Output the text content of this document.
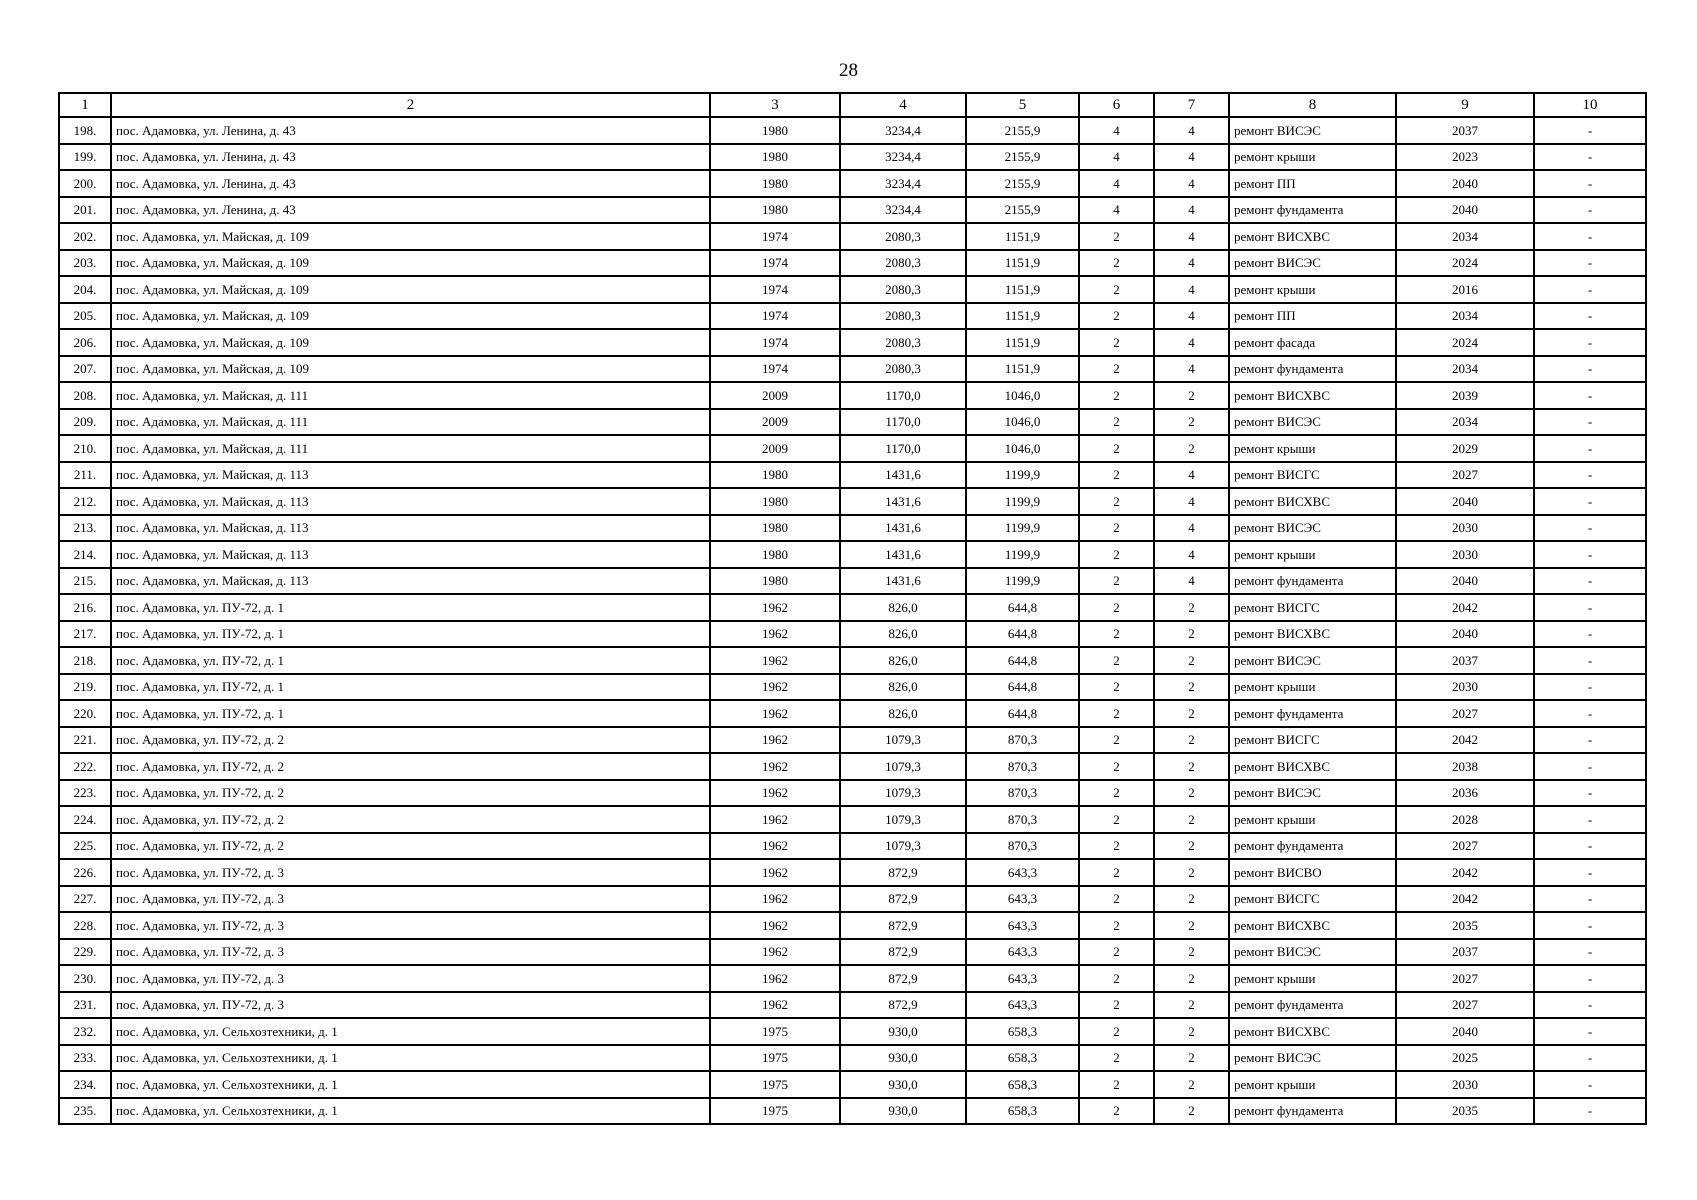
28
1	2	3	4	5	6	7	8	9	10
198.	пос. Адамовка, ул. Ленина, д. 43	1980	3234,4	2155,9	4	4	ремонт ВИСЭС	2037	-
199.	пос. Адамовка, ул. Ленина, д. 43	1980	3234,4	2155,9	4	4	ремонт крыши	2023	-
200.	пос. Адамовка, ул. Ленина, д. 43	1980	3234,4	2155,9	4	4	ремонт ПП	2040	-
201.	пос. Адамовка, ул. Ленина, д. 43	1980	3234,4	2155,9	4	4	ремонт фундамента	2040	-
202.	пос. Адамовка, ул. Майская, д. 109	1974	2080,3	1151,9	2	4	ремонт ВИСХВС	2034	-
203.	пос. Адамовка, ул. Майская, д. 109	1974	2080,3	1151,9	2	4	ремонт ВИСЭС	2024	-
204.	пос. Адамовка, ул. Майская, д. 109	1974	2080,3	1151,9	2	4	ремонт крыши	2016	-
205.	пос. Адамовка, ул. Майская, д. 109	1974	2080,3	1151,9	2	4	ремонт ПП	2034	-
206.	пос. Адамовка, ул. Майская, д. 109	1974	2080,3	1151,9	2	4	ремонт фасада	2024	-
207.	пос. Адамовка, ул. Майская, д. 109	1974	2080,3	1151,9	2	4	ремонт фундамента	2034	-
208.	пос. Адамовка, ул. Майская, д. 111	2009	1170,0	1046,0	2	2	ремонт ВИСХВС	2039	-
209.	пос. Адамовка, ул. Майская, д. 111	2009	1170,0	1046,0	2	2	ремонт ВИСЭС	2034	-
210.	пос. Адамовка, ул. Майская, д. 111	2009	1170,0	1046,0	2	2	ремонт крыши	2029	-
211.	пос. Адамовка, ул. Майская, д. 113	1980	1431,6	1199,9	2	4	ремонт ВИСГС	2027	-
212.	пос. Адамовка, ул. Майская, д. 113	1980	1431,6	1199,9	2	4	ремонт ВИСХВС	2040	-
213.	пос. Адамовка, ул. Майская, д. 113	1980	1431,6	1199,9	2	4	ремонт ВИСЭС	2030	-
214.	пос. Адамовка, ул. Майская, д. 113	1980	1431,6	1199,9	2	4	ремонт крыши	2030	-
215.	пос. Адамовка, ул. Майская, д. 113	1980	1431,6	1199,9	2	4	ремонт фундамента	2040	-
216.	пос. Адамовка, ул. ПУ-72, д. 1	1962	826,0	644,8	2	2	ремонт ВИСГС	2042	-
217.	пос. Адамовка, ул. ПУ-72, д. 1	1962	826,0	644,8	2	2	ремонт ВИСХВС	2040	-
218.	пос. Адамовка, ул. ПУ-72, д. 1	1962	826,0	644,8	2	2	ремонт ВИСЭС	2037	-
219.	пос. Адамовка, ул. ПУ-72, д. 1	1962	826,0	644,8	2	2	ремонт крыши	2030	-
220.	пос. Адамовка, ул. ПУ-72, д. 1	1962	826,0	644,8	2	2	ремонт фундамента	2027	-
221.	пос. Адамовка, ул. ПУ-72, д. 2	1962	1079,3	870,3	2	2	ремонт ВИСГС	2042	-
222.	пос. Адамовка, ул. ПУ-72, д. 2	1962	1079,3	870,3	2	2	ремонт ВИСХВС	2038	-
223.	пос. Адамовка, ул. ПУ-72, д. 2	1962	1079,3	870,3	2	2	ремонт ВИСЭС	2036	-
224.	пос. Адамовка, ул. ПУ-72, д. 2	1962	1079,3	870,3	2	2	ремонт крыши	2028	-
225.	пос. Адамовка, ул. ПУ-72, д. 2	1962	1079,3	870,3	2	2	ремонт фундамента	2027	-
226.	пос. Адамовка, ул. ПУ-72, д. 3	1962	872,9	643,3	2	2	ремонт ВИСВО	2042	-
227.	пос. Адамовка, ул. ПУ-72, д. 3	1962	872,9	643,3	2	2	ремонт ВИСГС	2042	-
228.	пос. Адамовка, ул. ПУ-72, д. 3	1962	872,9	643,3	2	2	ремонт ВИСХВС	2035	-
229.	пос. Адамовка, ул. ПУ-72, д. 3	1962	872,9	643,3	2	2	ремонт ВИСЭС	2037	-
230.	пос. Адамовка, ул. ПУ-72, д. 3	1962	872,9	643,3	2	2	ремонт крыши	2027	-
231.	пос. Адамовка, ул. ПУ-72, д. 3	1962	872,9	643,3	2	2	ремонт фундамента	2027	-
232.	пос. Адамовка, ул. Сельхозтехники, д. 1	1975	930,0	658,3	2	2	ремонт ВИСХВС	2040	-
233.	пос. Адамовка, ул. Сельхозтехники, д. 1	1975	930,0	658,3	2	2	ремонт ВИСЭС	2025	-
234.	пос. Адамовка, ул. Сельхозтехники, д. 1	1975	930,0	658,3	2	2	ремонт крыши	2030	-
235.	пос. Адамовка, ул. Сельхозтехники, д. 1	1975	930,0	658,3	2	2	ремонт фундамента	2035	-
